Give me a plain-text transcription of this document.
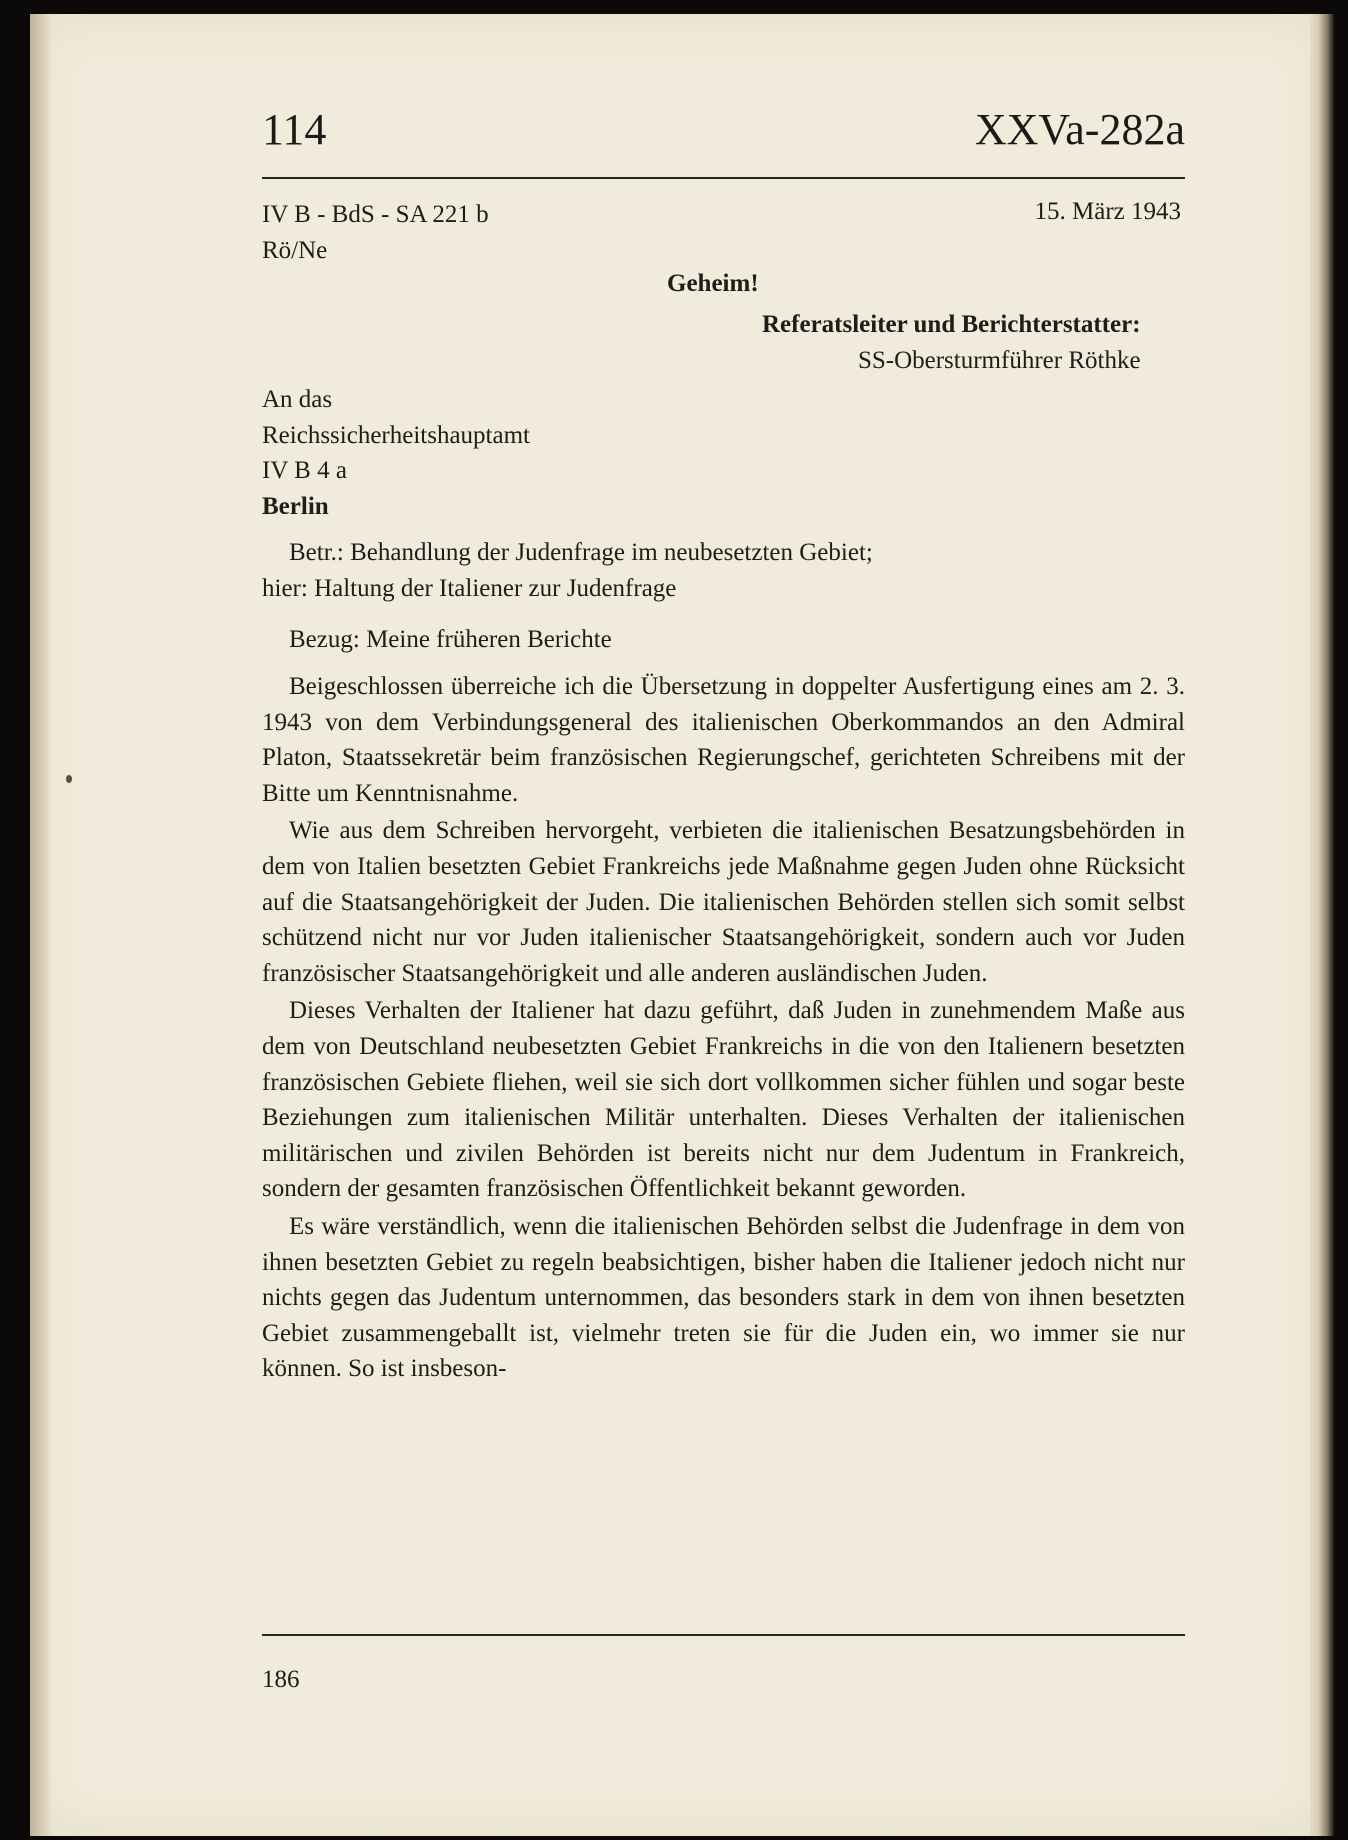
114	XXVa-282a
IV B - BdS - SA 221 b
Rö/Ne
15. März 1943
Geheim!
Referatsleiter und Berichterstatter:
SS-Obersturmführer Röthke
An das
Reichssicherheitshauptamt
IV B 4 a
Berlin
Betr.: Behandlung der Judenfrage im neubesetzten Gebiet;
hier: Haltung der Italiener zur Judenfrage
Bezug: Meine früheren Berichte

Beigeschlossen überreiche ich die Übersetzung in doppelter Ausfertigung eines am 2. 3. 1943 von dem Verbindungsgeneral des italienischen Oberkommandos an den Admiral Platon, Staatssekretär beim französischen Regierungschef, gerichteten Schreibens mit der Bitte um Kenntnisnahme.

Wie aus dem Schreiben hervorgeht, verbieten die italienischen Besatzungsbehörden in dem von Italien besetzten Gebiet Frankreichs jede Maßnahme gegen Juden ohne Rücksicht auf die Staatsangehörigkeit der Juden. Die italienischen Behörden stellen sich somit selbst schützend nicht nur vor Juden italienischer Staatsangehörigkeit, sondern auch vor Juden französischer Staatsangehörigkeit und alle anderen ausländischen Juden.

Dieses Verhalten der Italiener hat dazu geführt, daß Juden in zunehmendem Maße aus dem von Deutschland neubesetzten Gebiet Frankreichs in die von den Italienern besetzten französischen Gebiete fliehen, weil sie sich dort vollkommen sicher fühlen und sogar beste Beziehungen zum italienischen Militär unterhalten. Dieses Verhalten der italienischen militärischen und zivilen Behörden ist bereits nicht nur dem Judentum in Frankreich, sondern der gesamten französischen Öffentlichkeit bekannt geworden.

Es wäre verständlich, wenn die italienischen Behörden selbst die Judenfrage in dem von ihnen besetzten Gebiet zu regeln beabsichtigen, bisher haben die Italiener jedoch nicht nur nichts gegen das Judentum unternommen, das besonders stark in dem von ihnen besetzten Gebiet zusammengeballt ist, vielmehr treten sie für die Juden ein, wo immer sie nur können. So ist insbeson-

186
